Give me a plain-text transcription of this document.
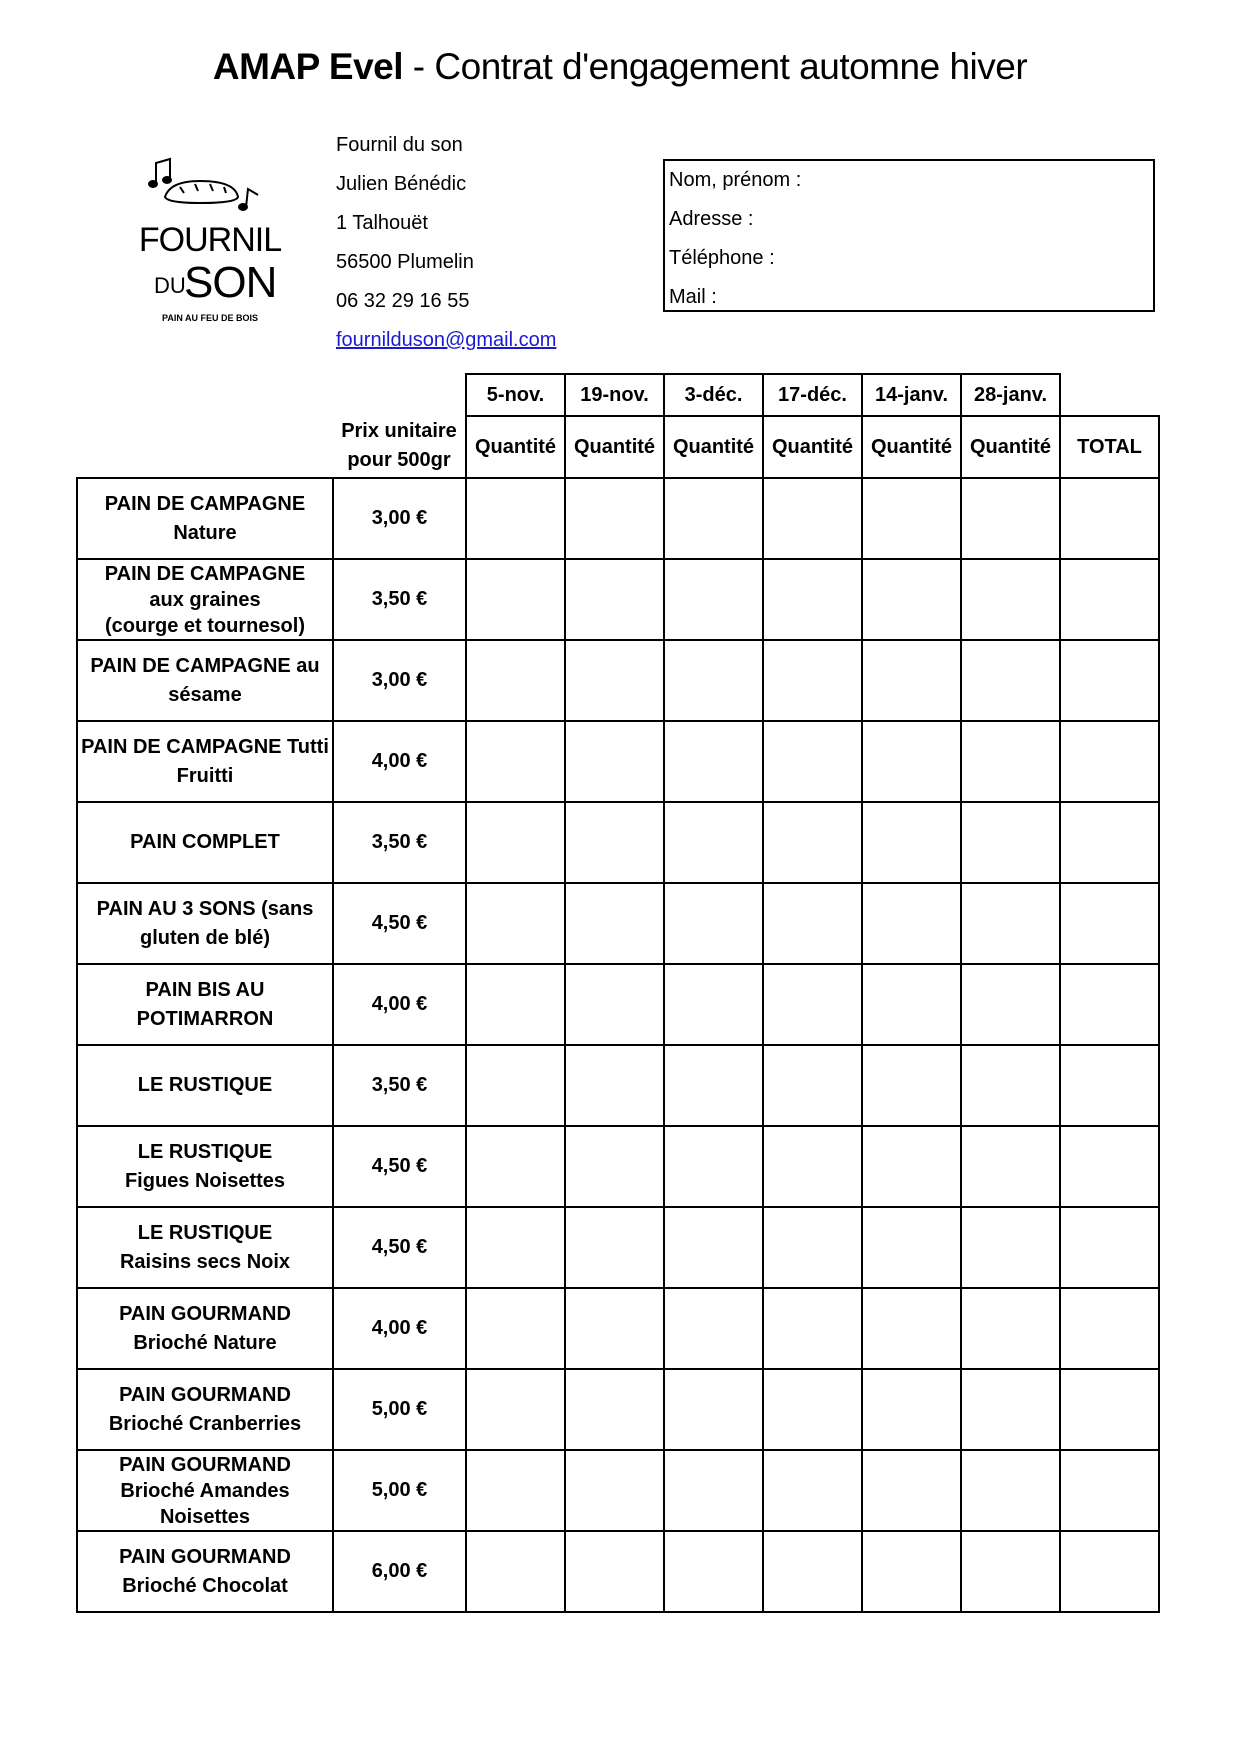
AMAP Evel - Contrat d'engagement automne hiver
FOURNIL
DU
SON
PAIN AU FEU DE BOIS
Fournil du son
Julien Bénédic
1 Talhouët
56500 Plumelin
06 32 29 16 55
fournilduson@gmail.com
Nom, prénom :
Adresse :
Téléphone :
Mail :
	Prix unitaire pour 500gr	5-nov.	19-nov.	3-déc.	17-déc.	14-janv.	28-janv.	
		Quantité	Quantité	Quantité	Quantité	Quantité	Quantité	TOTAL

PAIN DE CAMPAGNE
Nature	3,00 €							

PAIN DE CAMPAGNE
aux graines
(courge et tournesol)	3,50 €							

PAIN DE CAMPAGNE au
sésame	3,00 €							

PAIN DE CAMPAGNE Tutti
Fruitti	4,00 €							

PAIN COMPLET	3,50 €							

PAIN AU 3 SONS (sans
gluten de blé)	4,50 €							

PAIN BIS AU
POTIMARRON	4,00 €							

LE RUSTIQUE	3,50 €							

LE RUSTIQUE
Figues Noisettes	4,50 €							

LE RUSTIQUE
Raisins secs Noix	4,50 €							

PAIN GOURMAND
Brioché Nature	4,00 €							

PAIN GOURMAND
Brioché Cranberries	5,00 €							

PAIN GOURMAND
Brioché Amandes
Noisettes	5,00 €							

PAIN GOURMAND
Brioché Chocolat	6,00 €							
